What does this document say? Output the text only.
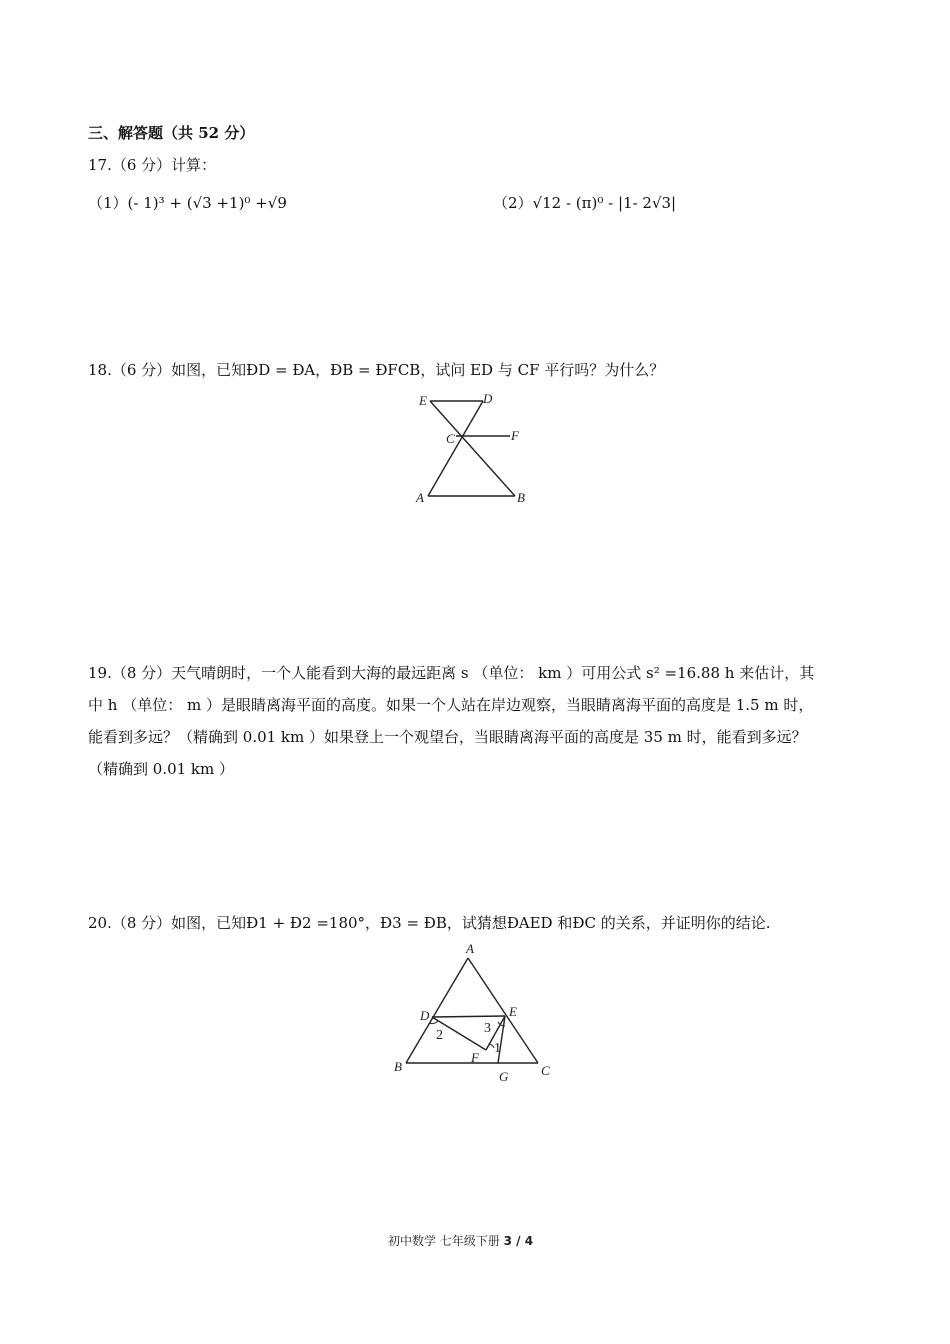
三、解答题（共 52 分）
17.（6 分）计算：
（1）(- 1)³ + (√3 +1)⁰ +√9	（2）√12 - (π)⁰ - |1- 2√3|
18.（6 分）如图，已知ÐD = ÐA，ÐB = ÐFCB，试问 ED 与 CF 平行吗？为什么？
E	D
C	F
A	B
19.（8 分）天气晴朗时，一个人能看到大海的最远距离 s （单位： km ）可用公式 s² =16.88 h 来估计，其
中 h （单位： m ）是眼睛离海平面的高度。如果一个人站在岸边观察，当眼睛离海平面的高度是 1.5 m 时，
能看到多远？（精确到 0.01 km ）如果登上一个观望台，当眼睛离海平面的高度是 35 m 时，能看到多远？
（精确到 0.01 km ）
20.（8 分）如图，已知Ð1 + Ð2 =180°，Ð3 = ÐB，试猜想ÐAED 和ÐC 的关系，并证明你的结论.
A
D	E
B	C
F
G
1
2	3
初中数学 七年级下册 3 / 4
